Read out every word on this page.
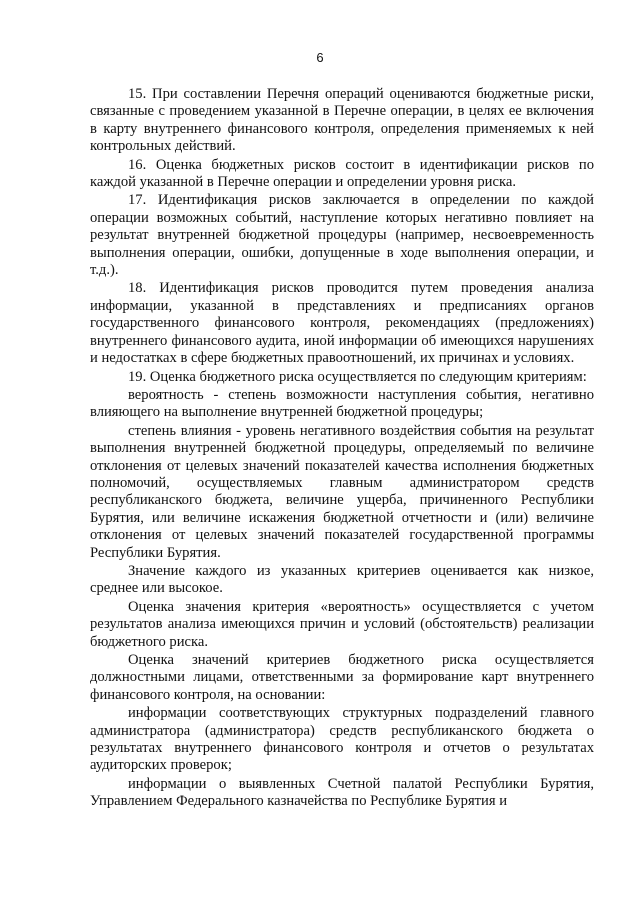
6

15. При составлении Перечня операций оцениваются бюджетные риски, связанные с проведением указанной в Перечне операции, в целях ее включения в карту внутреннего финансового контроля, определения применяемых к ней контрольных действий.

16. Оценка бюджетных рисков состоит в идентификации рисков по каждой указанной в Перечне операции и определении уровня риска.

17. Идентификация рисков заключается в определении по каждой операции возможных событий, наступление которых негативно повлияет на результат внутренней бюджетной процедуры (например, несвоевременность выполнения операции, ошибки, допущенные в ходе выполнения операции, и т.д.).

18. Идентификация рисков проводится путем проведения анализа информации, указанной в представлениях и предписаниях органов государственного финансового контроля, рекомендациях (предложениях) внутреннего финансового аудита, иной информации об имеющихся нарушениях и недостатках в сфере бюджетных правоотношений, их причинах и условиях.

19. Оценка бюджетного риска осуществляется по следующим критериям:

вероятность - степень возможности наступления события, негативно влияющего на выполнение внутренней бюджетной процедуры;

степень влияния - уровень негативного воздействия события на результат выполнения внутренней бюджетной процедуры, определяемый по величине отклонения от целевых значений показателей качества исполнения бюджетных полномочий, осуществляемых главным администратором средств республиканского бюджета, величине ущерба, причиненного Республики Бурятия, или величине искажения бюджетной отчетности и (или) величине отклонения от целевых значений показателей государственной программы Республики Бурятия.

Значение каждого из указанных критериев оценивается как низкое, среднее или высокое.

Оценка значения критерия «вероятность» осуществляется с учетом результатов анализа имеющихся причин и условий (обстоятельств) реализации бюджетного риска.

Оценка значений критериев бюджетного риска осуществляется должностными лицами, ответственными за формирование карт внутреннего финансового контроля, на основании:

информации соответствующих структурных подразделений главного администратора (администратора) средств республиканского бюджета о результатах внутреннего финансового контроля и отчетов о результатах аудиторских проверок;

информации о выявленных Счетной палатой Республики Бурятия, Управлением Федерального казначейства по Республике Бурятия и
